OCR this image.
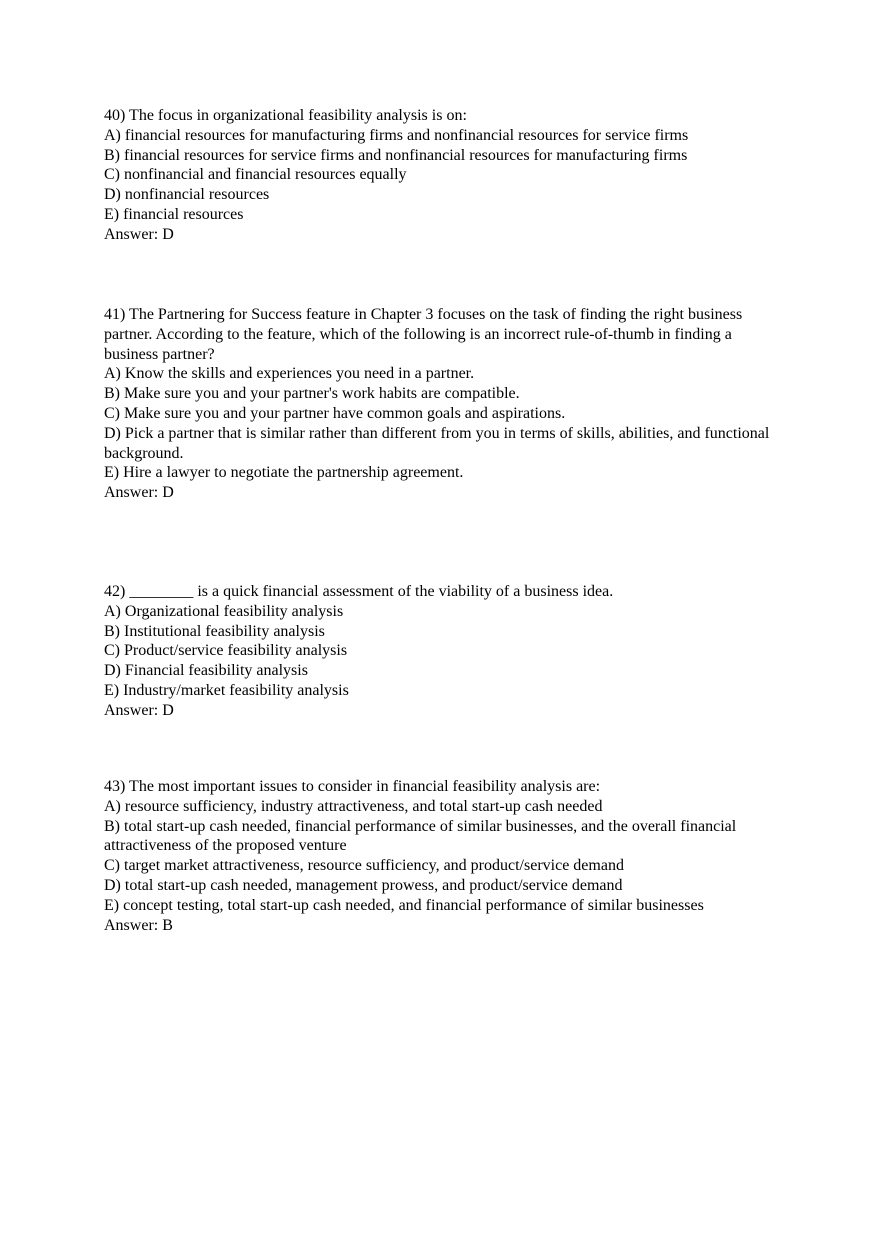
40) The focus in organizational feasibility analysis is on:
A) financial resources for manufacturing firms and nonfinancial resources for service firms
B) financial resources for service firms and nonfinancial resources for manufacturing firms
C) nonfinancial and financial resources equally
D) nonfinancial resources
E) financial resources
Answer: D
41) The Partnering for Success feature in Chapter 3 focuses on the task of finding the right business partner. According to the feature, which of the following is an incorrect rule-of-thumb in finding a business partner?
A) Know the skills and experiences you need in a partner.
B) Make sure you and your partner's work habits are compatible.
C) Make sure you and your partner have common goals and aspirations.
D) Pick a partner that is similar rather than different from you in terms of skills, abilities, and functional background.
E) Hire a lawyer to negotiate the partnership agreement.
Answer: D
42) ________ is a quick financial assessment of the viability of a business idea.
A) Organizational feasibility analysis
B) Institutional feasibility analysis
C) Product/service feasibility analysis
D) Financial feasibility analysis
E) Industry/market feasibility analysis
Answer: D
43) The most important issues to consider in financial feasibility analysis are:
A) resource sufficiency, industry attractiveness, and total start-up cash needed
B) total start-up cash needed, financial performance of similar businesses, and the overall financial attractiveness of the proposed venture
C) target market attractiveness, resource sufficiency, and product/service demand
D) total start-up cash needed, management prowess, and product/service demand
E) concept testing, total start-up cash needed, and financial performance of similar businesses
Answer: B
